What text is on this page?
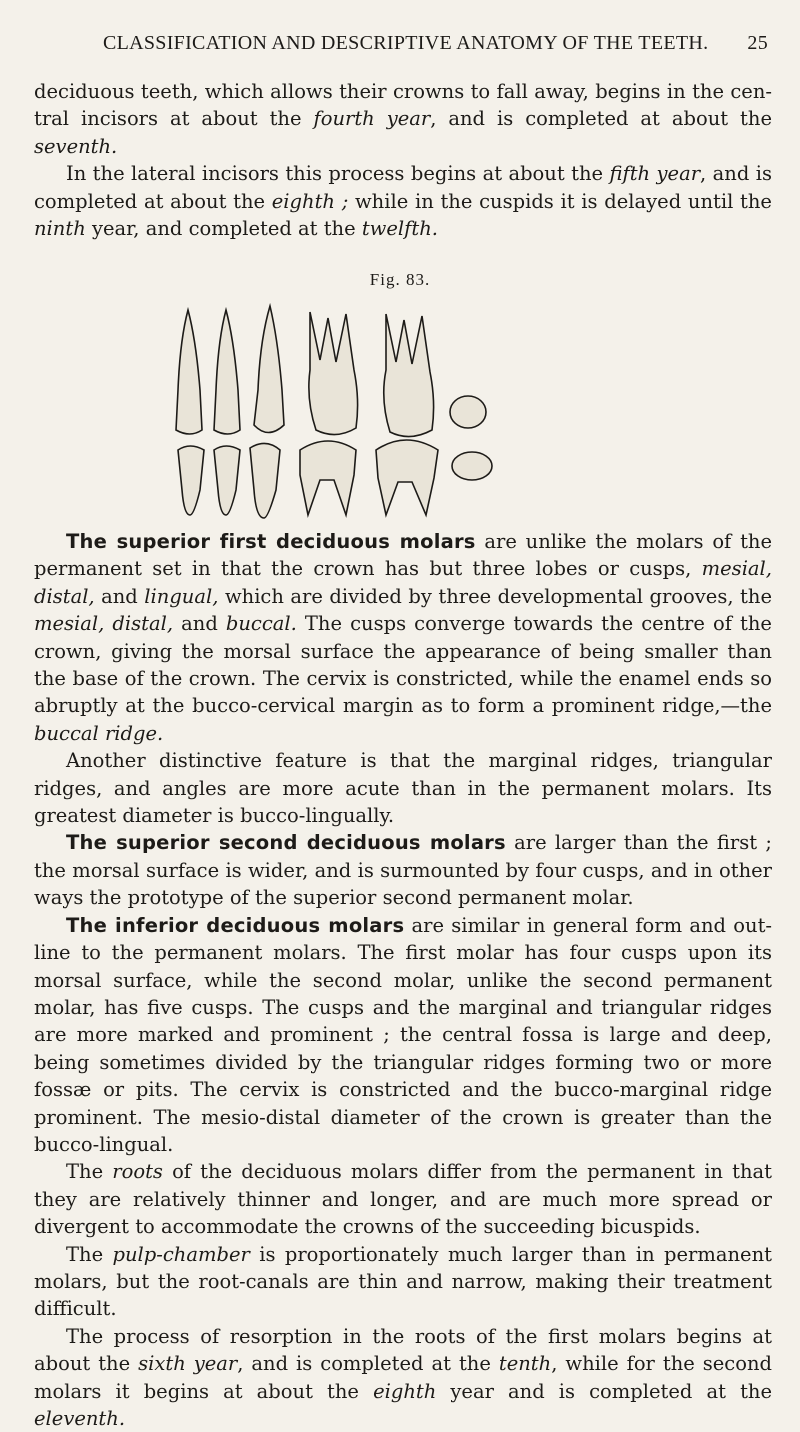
CLASSIFICATION AND DESCRIPTIVE ANATOMY OF THE TEETH.	25

deciduous teeth, which allows their crowns to fall away, begins in the cen-tral incisors at about the fourth year, and is completed at about the seventh.

In the lateral incisors this process begins at about the fifth year, and is completed at about the eighth ; while in the cuspids it is delayed until the ninth year, and completed at the twelfth.

Fig. 83.

The superior first deciduous molars are unlike the molars of the permanent set in that the crown has but three lobes or cusps, mesial, distal, and lingual, which are divided by three developmental grooves, the mesial, distal, and buccal. The cusps converge towards the centre of the crown, giving the morsal surface the appearance of being smaller than the base of the crown. The cervix is constricted, while the enamel ends so abruptly at the bucco-cervical margin as to form a prominent ridge,—the buccal ridge.

Another distinctive feature is that the marginal ridges, triangular ridges, and angles are more acute than in the permanent molars. Its greatest diameter is bucco-lingually.

The superior second deciduous molars are larger than the first ; the morsal surface is wider, and is surmounted by four cusps, and in other ways the prototype of the superior second permanent molar.

The inferior deciduous molars are similar in general form and out-line to the permanent molars. The first molar has four cusps upon its morsal surface, while the second molar, unlike the second permanent molar, has five cusps. The cusps and the marginal and triangular ridges are more marked and prominent ; the central fossa is large and deep, being sometimes divided by the triangular ridges forming two or more fossæ or pits. The cervix is constricted and the bucco-marginal ridge prominent. The mesio-distal diameter of the crown is greater than the bucco-lingual.

The roots of the deciduous molars differ from the permanent in that they are relatively thinner and longer, and are much more spread or divergent to accommodate the crowns of the succeeding bicuspids.

The pulp-chamber is proportionately much larger than in permanent molars, but the root-canals are thin and narrow, making their treatment difficult.

The process of resorption in the roots of the first molars begins at about the sixth year, and is completed at the tenth, while for the second molars it begins at about the eighth year and is completed at the eleventh.
